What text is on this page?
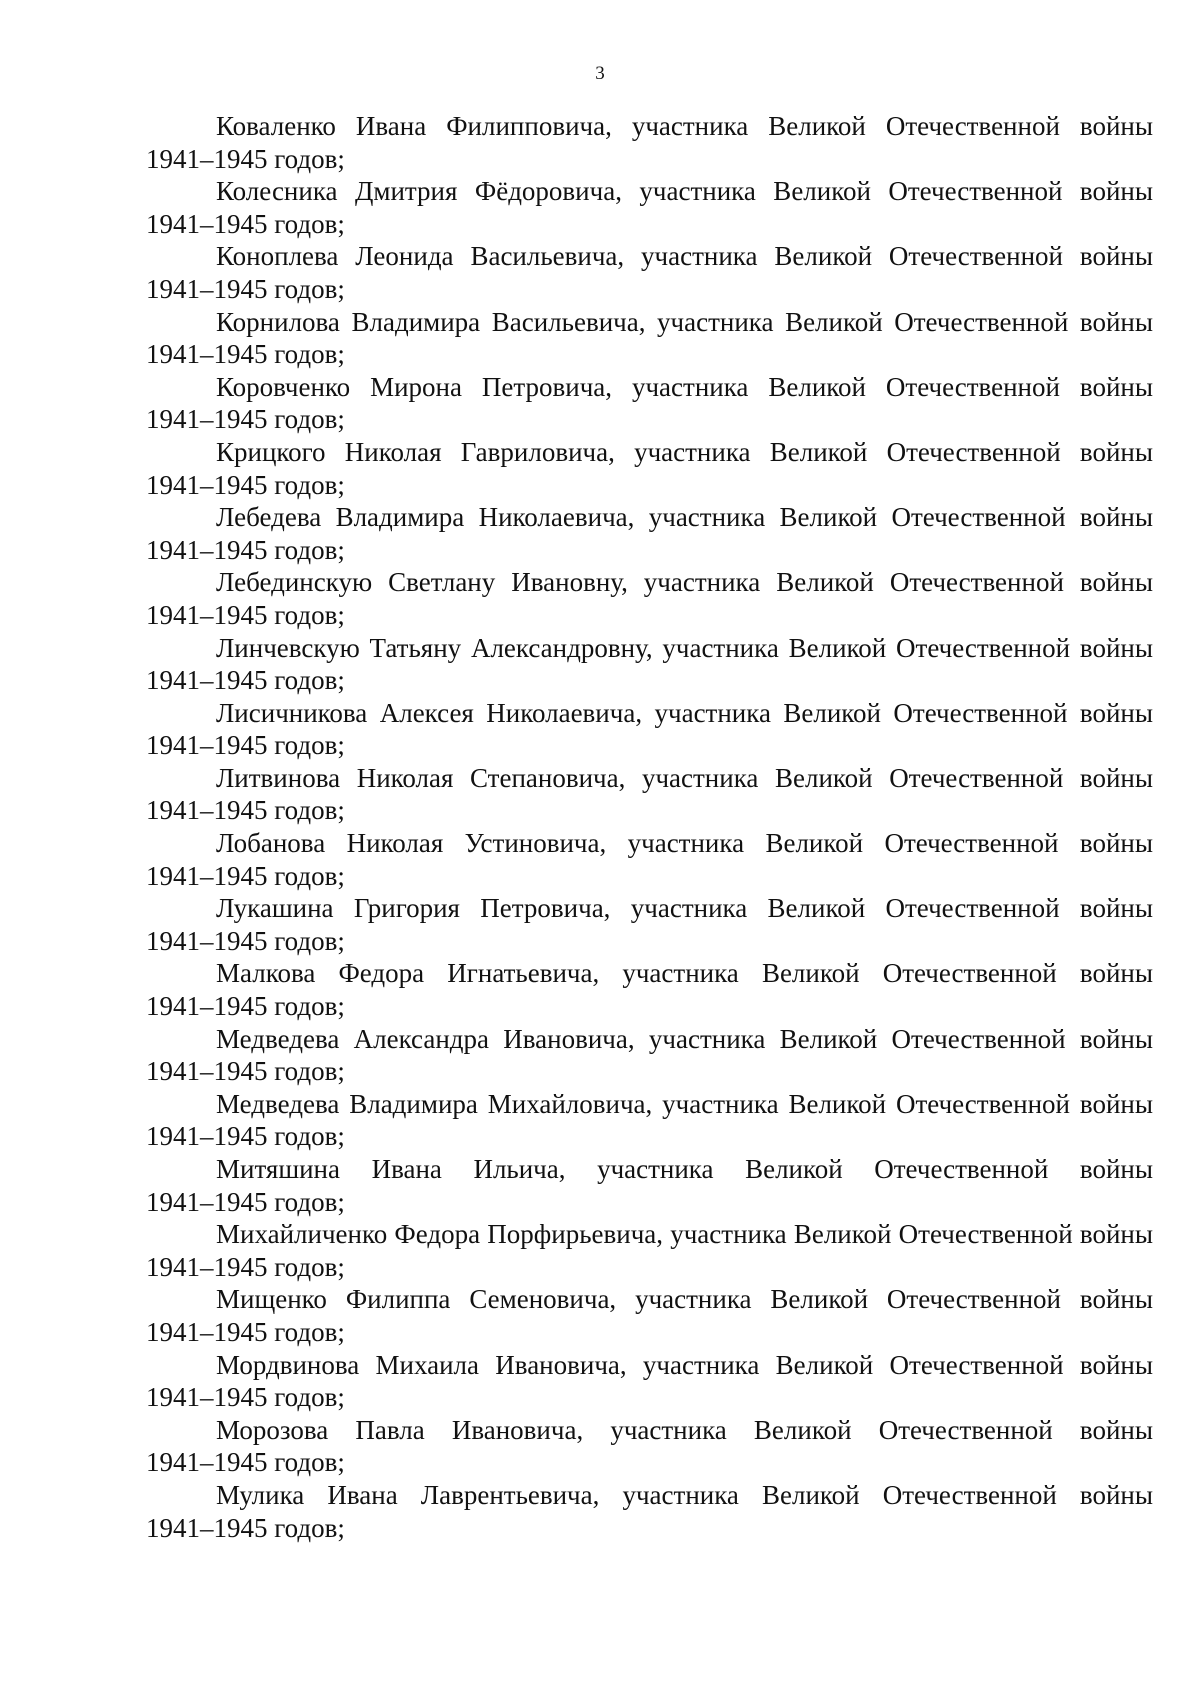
3

Коваленко Ивана Филипповича, участника Великой Отечественной войны
1941–1945 годов;

Колесника Дмитрия Фёдоровича, участника Великой Отечественной войны
1941–1945 годов;

Коноплева Леонида Васильевича, участника Великой Отечественной войны
1941–1945 годов;

Корнилова Владимира Васильевича, участника Великой Отечественной войны
1941–1945 годов;

Коровченко Мирона Петровича, участника Великой Отечественной войны
1941–1945 годов;

Крицкого Николая Гавриловича, участника Великой Отечественной войны
1941–1945 годов;

Лебедева Владимира Николаевича, участника Великой Отечественной войны
1941–1945 годов;

Лебединскую Светлану Ивановну, участника Великой Отечественной войны
1941–1945 годов;

Линчевскую Татьяну Александровну, участника Великой Отечественной войны
1941–1945 годов;

Лисичникова Алексея Николаевича, участника Великой Отечественной войны
1941–1945 годов;

Литвинова Николая Степановича, участника Великой Отечественной войны
1941–1945 годов;

Лобанова Николая Устиновича, участника Великой Отечественной войны
1941–1945 годов;

Лукашина Григория Петровича, участника Великой Отечественной войны
1941–1945 годов;

Малкова Федора Игнатьевича, участника Великой Отечественной войны
1941–1945 годов;

Медведева Александра Ивановича, участника Великой Отечественной войны
1941–1945 годов;

Медведева Владимира Михайловича, участника Великой Отечественной войны
1941–1945 годов;

Митяшина Ивана Ильича, участника Великой Отечественной войны
1941–1945 годов;

Михайличенко Федора Порфирьевича, участника Великой Отечественной войны
1941–1945 годов;

Мищенко Филиппа Семеновича, участника Великой Отечественной войны
1941–1945 годов;

Мордвинова Михаила Ивановича, участника Великой Отечественной войны
1941–1945 годов;

Морозова Павла Ивановича, участника Великой Отечественной войны
1941–1945 годов;

Мулика Ивана Лаврентьевича, участника Великой Отечественной войны
1941–1945 годов;
